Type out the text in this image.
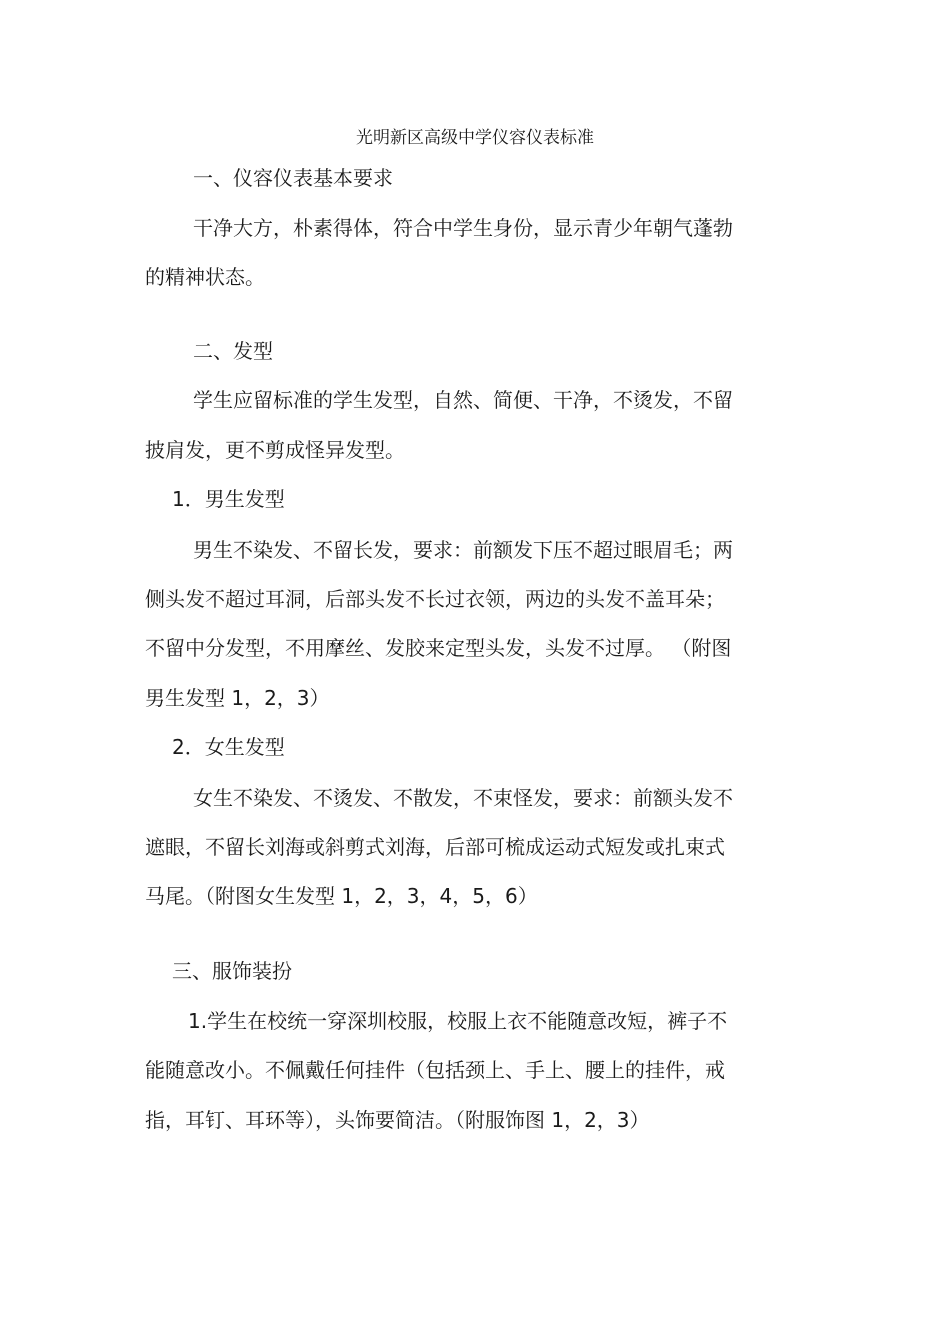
光明新区高级中学仪容仪表标准
一、仪容仪表基本要求
干净大方，朴素得体，符合中学生身份，显示青少年朝气蓬勃
的精神状态。
二、发型
学生应留标准的学生发型，自然、简便、干净，不烫发，不留
披肩发，更不剪成怪异发型。
1．男生发型
男生不染发、不留长发，要求：前额发下压不超过眼眉毛；两
侧头发不超过耳洞，后部头发不长过衣领，两边的头发不盖耳朵；
不留中分发型，不用摩丝、发胶来定型头发，头发不过厚。 （附图
男生发型 1，2，3）
2．女生发型
女生不染发、不烫发、不散发，不束怪发，要求：前额头发不
遮眼，不留长刘海或斜剪式刘海，后部可梳成运动式短发或扎束式
马尾。（附图女生发型 1，2，3，4，5，6）
三、服饰装扮
1.学生在校统一穿深圳校服，校服上衣不能随意改短，裤子不
能随意改小。不佩戴任何挂件（包括颈上、手上、腰上的挂件，戒
指，耳钉、耳环等），头饰要简洁。（附服饰图 1，2，3）
